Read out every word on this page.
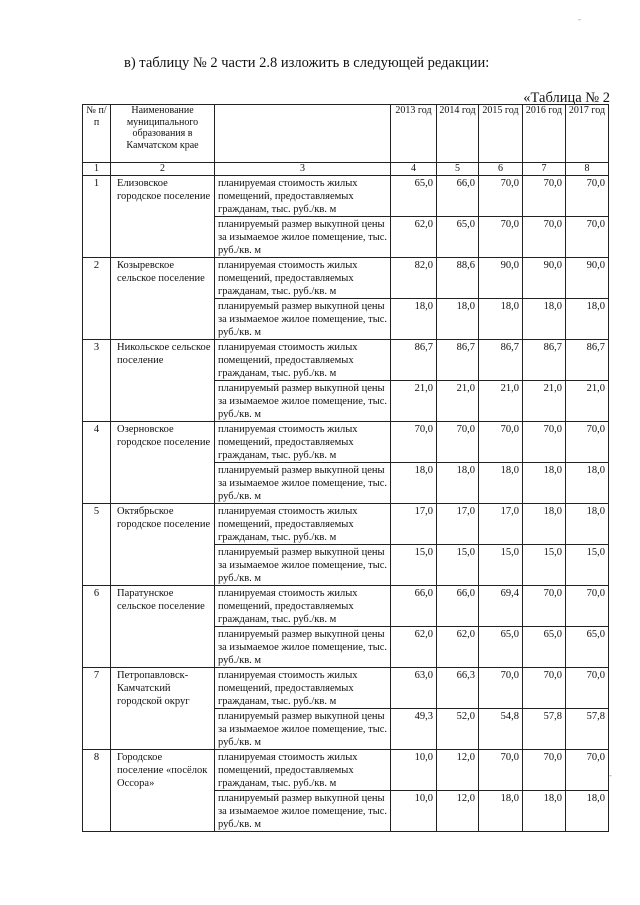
-
-
в) таблицу № 2 части 2.8 изложить в следующей редакции:
«Таблица № 2
№ п/п	Наименование муниципального образования в Камчатском крае		2013 год	2014 год	2015 год	2016 год	2017 год
1	2	3	4	5	6	7	8
1	Елизовское городское поселение	планируемая стоимость жилых помещений, предоставляемых гражданам, тыс. руб./кв. м	65,0	66,0	70,0	70,0	70,0
		планируемый размер выкупной цены за изымаемое жилое помещение, тыс. руб./кв. м	62,0	65,0	70,0	70,0	70,0
2	Козыревское сельское поселение	планируемая стоимость жилых помещений, предоставляемых гражданам, тыс. руб./кв. м	82,0	88,6	90,0	90,0	90,0
		планируемый размер выкупной цены за изымаемое жилое помещение, тыс. руб./кв. м	18,0	18,0	18,0	18,0	18,0
3	Никольское сельское поселение	планируемая стоимость жилых помещений, предоставляемых гражданам, тыс. руб./кв. м	86,7	86,7	86,7	86,7	86,7
		планируемый размер выкупной цены за изымаемое жилое помещение, тыс. руб./кв. м	21,0	21,0	21,0	21,0	21,0
4	Озерновское городское поселение	планируемая стоимость жилых помещений, предоставляемых гражданам, тыс. руб./кв. м	70,0	70,0	70,0	70,0	70,0
		планируемый размер выкупной цены за изымаемое жилое помещение, тыс. руб./кв. м	18,0	18,0	18,0	18,0	18,0
5	Октябрьское городское поселение	планируемая стоимость жилых помещений, предоставляемых гражданам, тыс. руб./кв. м	17,0	17,0	17,0	18,0	18,0
		планируемый размер выкупной цены за изымаемое жилое помещение, тыс. руб./кв. м	15,0	15,0	15,0	15,0	15,0
6	Паратунское сельское поселение	планируемая стоимость жилых помещений, предоставляемых гражданам, тыс. руб./кв. м	66,0	66,0	69,4	70,0	70,0
		планируемый размер выкупной цены за изымаемое жилое помещение, тыс. руб./кв. м	62,0	62,0	65,0	65,0	65,0
7	Петропавловск-Камчатский городской округ	планируемая стоимость жилых помещений, предоставляемых гражданам, тыс. руб./кв. м	63,0	66,3	70,0	70,0	70,0
		планируемый размер выкупной цены за изымаемое жилое помещение, тыс. руб./кв. м	49,3	52,0	54,8	57,8	57,8
8	Городское поселение «посёлок Оссора»	планируемая стоимость жилых помещений, предоставляемых гражданам, тыс. руб./кв. м	10,0	12,0	70,0	70,0	70,0
		планируемый размер выкупной цены за изымаемое жилое помещение, тыс. руб./кв. м	10,0	12,0	18,0	18,0	18,0
